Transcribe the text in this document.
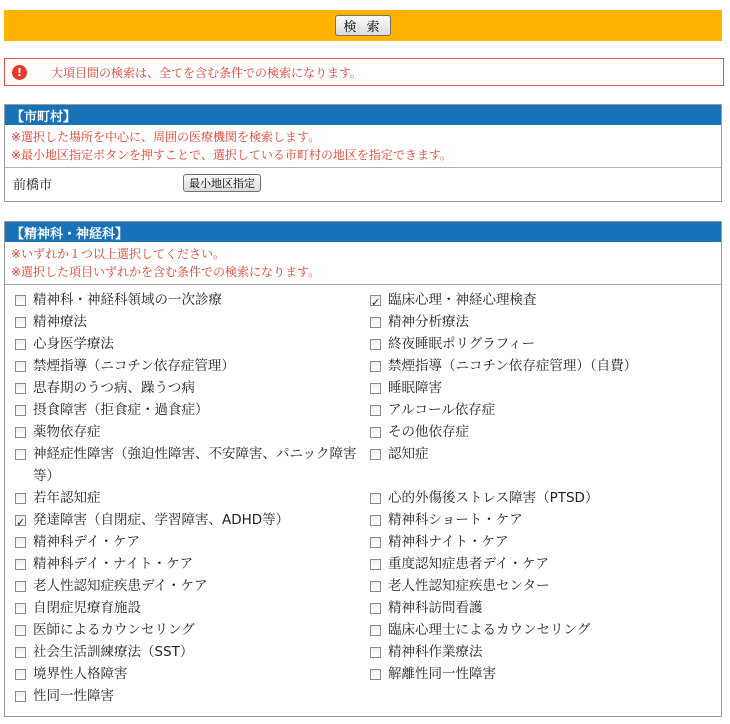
検 索
!	大項目間の検索は、全てを含む条件での検索になります。
【市町村】
※選択した場所を中心に、周囲の医療機関を検索します。
※最小地区指定ボタンを押すことで、選択している市町村の地区を指定できます。
前橋市	最小地区指定
【精神科・神経科】
※いずれか１つ以上選択してください。
※選択した項目いずれかを含む条件での検索になります。
精神科・神経科領域の一次診療
✓	臨床心理・神経心理検査
精神療法	精神分析療法
心身医学療法	終夜睡眠ポリグラフィー
禁煙指導（ニコチン依存症管理）	禁煙指導（ニコチン依存症管理）（自費）
思春期のうつ病、躁うつ病	睡眠障害
摂食障害（拒食症・過食症）	アルコール依存症
薬物依存症	その他依存症
神経症性障害（強迫性障害、不安障害、パニック障害等）
認知症
若年認知症	心的外傷後ストレス障害（PTSD）
✓
発達障害（自閉症、学習障害、ADHD等）	精神科ショート・ケア
精神科デイ・ケア	精神科ナイト・ケア
精神科デイ・ナイト・ケア	重度認知症患者デイ・ケア
老人性認知症疾患デイ・ケア	老人性認知症疾患センター
自閉症児療育施設	精神科訪問看護
医師によるカウンセリング	臨床心理士によるカウンセリング
社会生活訓練療法（SST）	精神科作業療法
境界性人格障害	解離性同一性障害
性同一性障害
